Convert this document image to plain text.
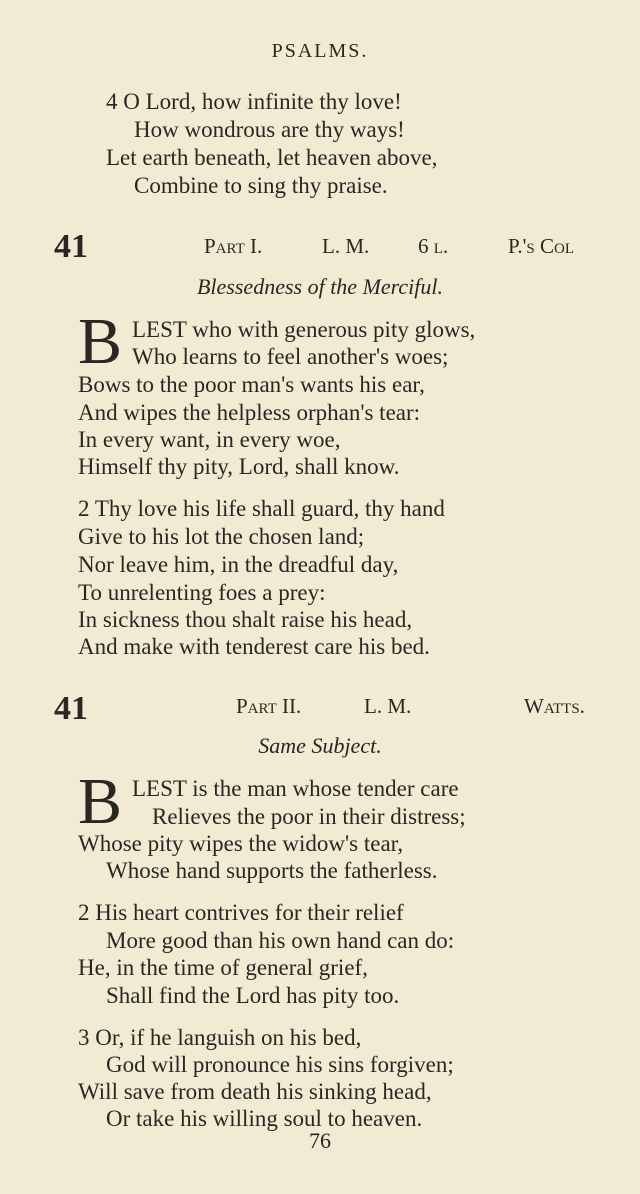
PSALMS.
4 O Lord, how infinite thy love!
How wondrous are thy ways!
Let earth beneath, let heaven above,
Combine to sing thy praise.
41	Part I.	L. M. 6 l.	P.'s Col
Blessedness of the Merciful.
B LEST who with generous pity glows,
Who learns to feel another's woes;
Bows to the poor man's wants his ear,
And wipes the helpless orphan's tear:
In every want, in every woe,
Himself thy pity, Lord, shall know.
2 Thy love his life shall guard, thy hand
Give to his lot the chosen land;
Nor leave him, in the dreadful day,
To unrelenting foes a prey:
In sickness thou shalt raise his head,
And make with tenderest care his bed.
41	Part II.	L. M.	Watts.
Same Subject.
B LEST is the man whose tender care
Relieves the poor in their distress;
Whose pity wipes the widow's tear,
Whose hand supports the fatherless.
2 His heart contrives for their relief
More good than his own hand can do:
He, in the time of general grief,
Shall find the Lord has pity too.
3 Or, if he languish on his bed,
God will pronounce his sins forgiven;
Will save from death his sinking head,
Or take his willing soul to heaven.
76
